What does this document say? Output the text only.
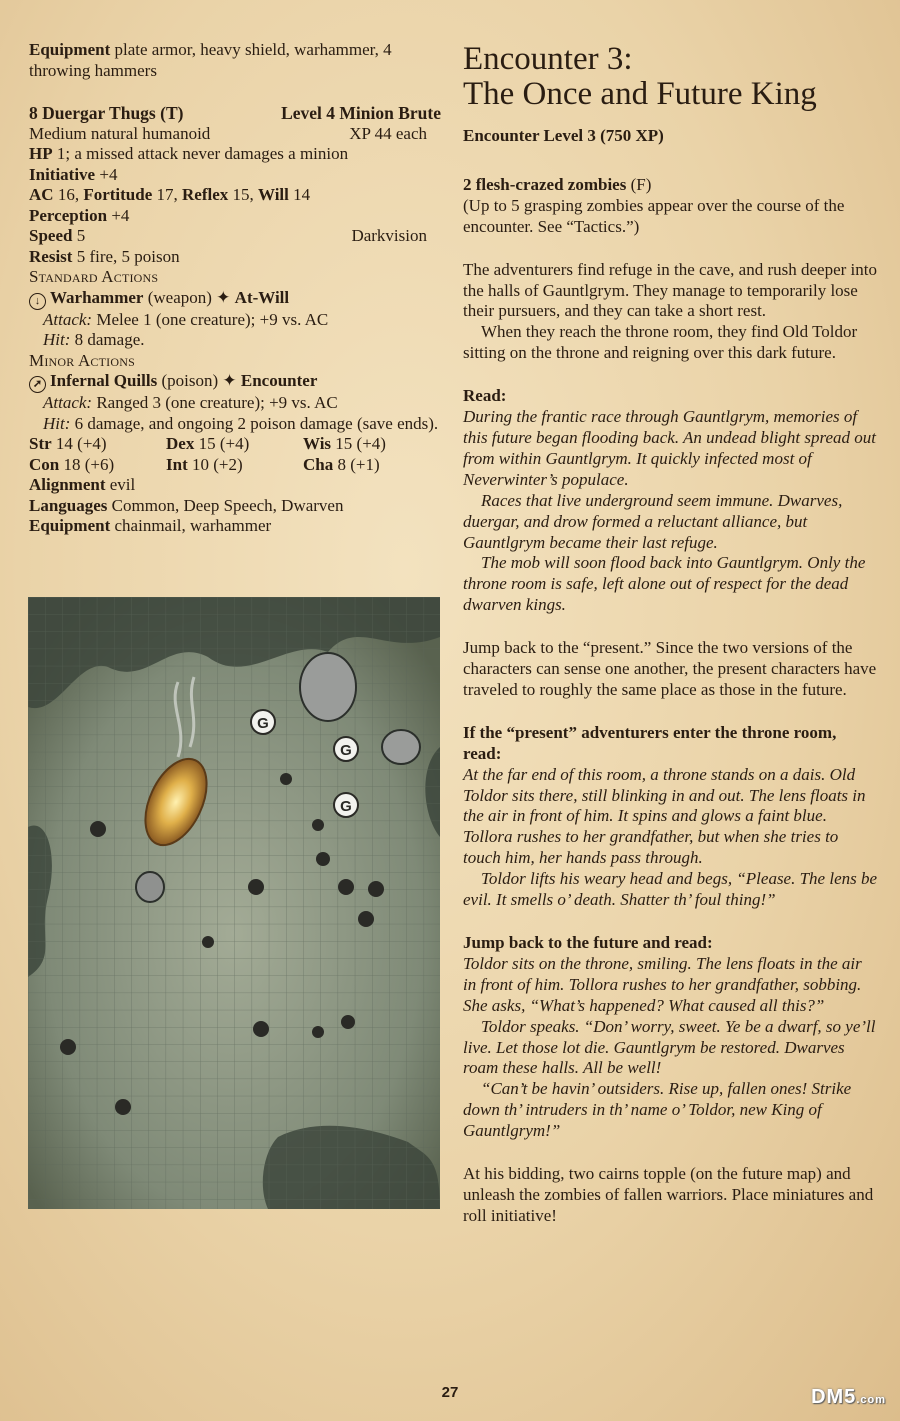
Equipment plate armor, heavy shield, warhammer, 4 throwing hammers
8 Duergar Thugs (T)	Level 4 Minion Brute
Medium natural humanoid	XP 44 each
HP 1; a missed attack never damages a minion
Initiative +4
AC 16, Fortitude 17, Reflex 15, Will 14
Perception +4
Speed 5	Darkvision
Resist 5 fire, 5 poison
Standard Actions
↓ Warhammer (weapon) ✦ At-Will
Attack: Melee 1 (one creature); +9 vs. AC
Hit: 8 damage.
Minor Actions
➚ Infernal Quills (poison) ✦ Encounter
Attack: Ranged 3 (one creature); +9 vs. AC
Hit: 6 damage, and ongoing 2 poison damage (save ends).
Str 14 (+4)	Dex 15 (+4)	Wis 15 (+4)
Con 18 (+6)	Int 10 (+2)	Cha 8 (+1)
Alignment evil
Languages Common, Deep Speech, Dwarven
Equipment chainmail, warhammer
G
G
G
Encounter 3:
The Once and Future King
Encounter Level 3 (750 XP)
2 flesh-crazed zombies (F)
(Up to 5 grasping zombies appear over the course of the encounter. See “Tactics.”)
The adventurers find refuge in the cave, and rush deeper into the halls of Gauntlgrym. They manage to temporarily lose their pursuers, and they can take a short rest.
When they reach the throne room, they find Old Toldor sitting on the throne and reigning over this dark future.
Read:
During the frantic race through Gauntlgrym, memories of this future began flooding back. An undead blight spread out from within Gauntlgrym. It quickly infected most of Neverwinter’s populace.
Races that live underground seem immune. Dwarves, duergar, and drow formed a reluctant alliance, but Gauntlgrym became their last refuge.
The mob will soon flood back into Gauntlgrym. Only the throne room is safe, left alone out of respect for the dead dwarven kings.
Jump back to the “present.” Since the two versions of the characters can sense one another, the present characters have traveled to roughly the same place as those in the future.
If the “present” adventurers enter the throne room, read:
At the far end of this room, a throne stands on a dais. Old Toldor sits there, still blinking in and out. The lens floats in the air in front of him. It spins and glows a faint blue. Tollora rushes to her grandfather, but when she tries to touch him, her hands pass through.
Toldor lifts his weary head and begs, “Please. The lens be evil. It smells o’ death. Shatter th’ foul thing!”
Jump back to the future and read:
Toldor sits on the throne, smiling. The lens floats in the air in front of him. Tollora rushes to her grandfather, sobbing. She asks, “What’s happened? What caused all this?”
Toldor speaks. “Don’ worry, sweet. Ye be a dwarf, so ye’ll live. Let those lot die. Gauntlgrym be restored. Dwarves roam these halls. All be well!
“Can’t be havin’ outsiders. Rise up, fallen ones! Strike down th’ intruders in th’ name o’ Toldor, new King of Gauntlgrym!”
At his bidding, two cairns topple (on the future map) and unleash the zombies of fallen warriors. Place miniatures and roll initiative!
27	DM5.com
